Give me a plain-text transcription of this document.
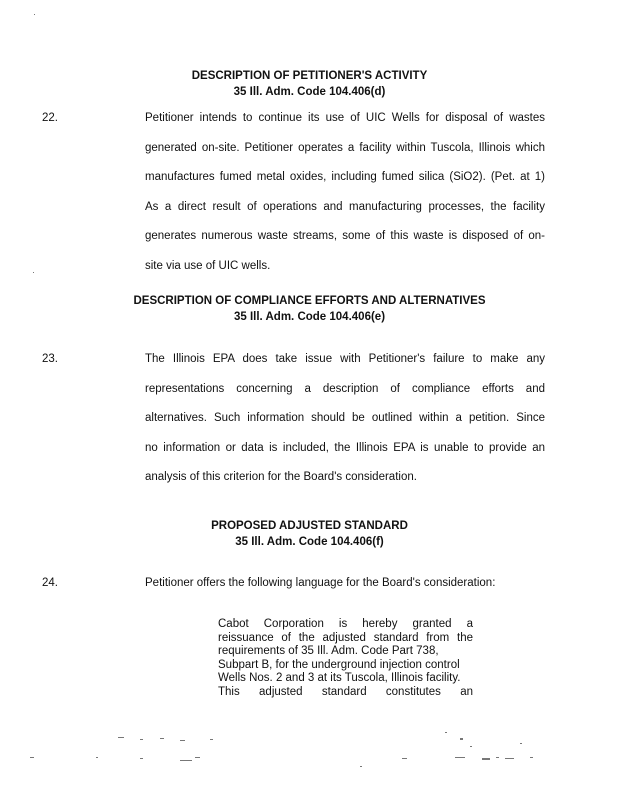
DESCRIPTION OF PETITIONER'S ACTIVITY
35 Ill. Adm. Code 104.406(d)
22.	Petitioner intends to continue its use of UIC Wells for disposal of wastes
generated on-site. Petitioner operates a facility within Tuscola, Illinois which
manufactures fumed metal oxides, including fumed silica (SiO2). (Pet. at 1)
As a direct result of operations and manufacturing processes, the facility
generates numerous waste streams, some of this waste is disposed of on-
site via use of UIC wells.
DESCRIPTION OF COMPLIANCE EFFORTS AND ALTERNATIVES
35 Ill. Adm. Code 104.406(e)
23.	The Illinois EPA does take issue with Petitioner's failure to make any
representations concerning a description of compliance efforts and
alternatives. Such information should be outlined within a petition. Since
no information or data is included, the Illinois EPA is unable to provide an
analysis of this criterion for the Board's consideration.
PROPOSED ADJUSTED STANDARD
35 Ill. Adm. Code 104.406(f)
24.	Petitioner offers the following language for the Board's consideration:
Cabot Corporation is hereby granted a
reissuance of the adjusted standard from the
requirements of 35 Ill. Adm. Code Part 738,
Subpart B, for the underground injection control
Wells Nos. 2 and 3 at its Tuscola, Illinois facility.
This adjusted standard constitutes an
